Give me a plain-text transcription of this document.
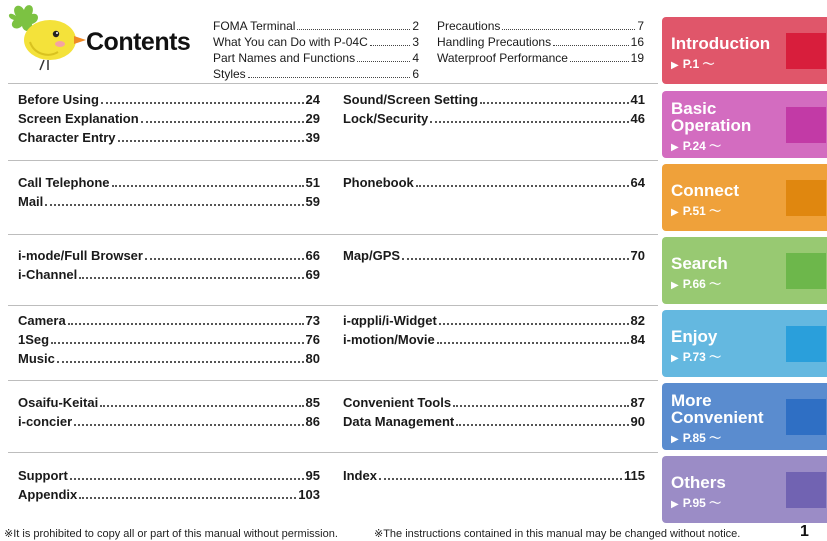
Contents
FOMA Terminal	2
What You can Do with P-04C	3
Part Names and Functions	4
Styles	6
Precautions	7
Handling Precautions	16
Waterproof Performance	19
Before Using	24
Screen Explanation	29
Character Entry	39
Sound/Screen Setting	41
Lock/Security	46
Call Telephone	51
Mail	59
Phonebook	64
i-mode/Full Browser	66
i-Channel	69
Map/GPS	70
Camera	73
1Seg	76
Music	80
i-αppli/i-Widget	82
i-motion/Movie	84
Osaifu-Keitai	85
i-concier	86
Convenient Tools	87
Data Management	90
Support	95
Appendix	103
Index	115
Introduction
▶ P.1 〜
Basic
Operation
▶ P.24 〜
Connect
▶ P.51 〜
Search
▶ P.66 〜
Enjoy
▶ P.73 〜
More
Convenient
▶ P.85 〜
Others
▶ P.95 〜
※It is prohibited to copy all or part of this manual without permission.	※The instructions contained in this manual may be changed without notice.	1
